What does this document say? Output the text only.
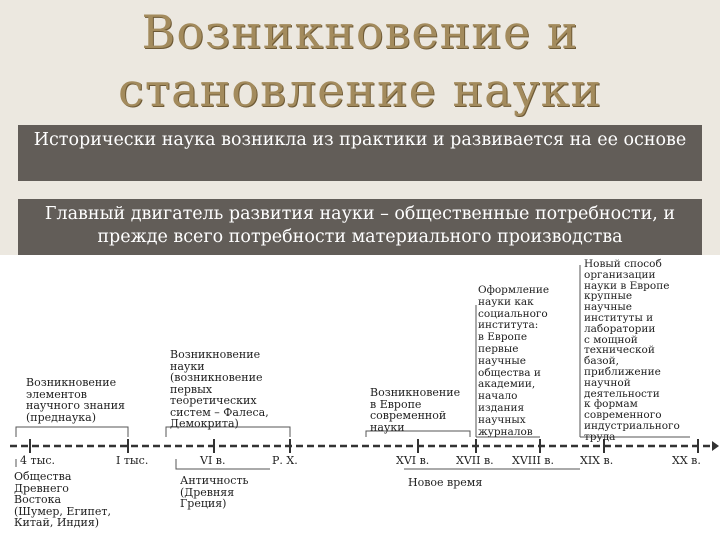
Возникновение и
становление науки
Исторически наука возникла из практики и развивается на ее основе
Главный двигатель развития науки – общественные потребности, и прежде всего потребности материального производства
4 тыс.	I тыс.	VI в.	Р. Х.	XVI в. XVII в. XVIII в. XIX в.	XX в.
Возникновение
элементов
научного знания
(преднаука)
Возникновение
науки
(возникновение
первых
теоретических
систем – Фалеса,
Демокрита)
Возникновение
в Европе
современной
науки
Оформление
науки как
социального
института:
в Европе
первые
научные
общества и
академии,
начало
издания
научных
журналов
Новый способ
организации
науки в Европе
крупные
научные
институты и
лаборатории
с мощной
технической
базой,
приближение
научной
деятельности
к формам
современного
индустриального
труда
Общества
Древнего
Востока
(Шумер, Египет,
Китай, Индия)
Античность
(Древняя
Греция)
Новое время
